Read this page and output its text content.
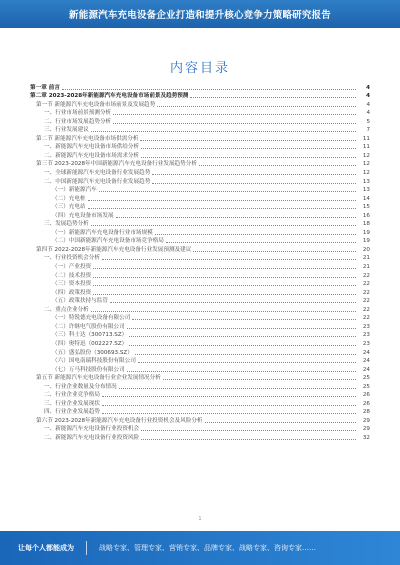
新能源汽车充电设备企业打造和提升核心竞争力策略研究报告
内容目录
第一章 前言	4
第二章 2023-2028年新能源汽车充电设备市场前景及趋势预测	4
第一节 新能源汽车充电设备市场前景及发展趋势	4
一、行业市场前景预测分析	4
二、行业市场发展趋势分析	5
三、行业发展建议	7
第二节 新能源汽车充电设备市场供需分析	11
一、新能源汽车充电设备市场供给分析	11
二、新能源汽车充电设备市场需求分析	12
第三节 2023-2028年中国新能源汽车充电设备行业发展趋势分析	12
一、全球新能源汽车充电设备行业发展趋势	12
二、中国新能源汽车充电设备行业发展趋势	13
（一）新能源汽车	13
（二）充电桩	14
（三）充电站	15
（四）充电设备市场发展	16
三、发展趋势分析	18
（一）新能源汽车充电设备行业市场规模	19
（二）中国新能源汽车充电设备市场竞争格局	19
第四节 2022-2028年新能源汽车充电设备行业发展预测及建议	20
一、行业投资机会分析	21
（一）产业投资	21
（二）技术投资	22
（三）资本投资	22
（四）政策投资	22
（五）政策扶持与监管	22
二、重点企业分析	22
（一）特锐德充电设备有限公司	22
（二）许继电气股份有限公司	23
（三）科士达（300713.SZ）	23
（四）奥特迅（002227.SZ）	23
（五）盛弘股份（300693.SZ）	24
（六）国电南瑞科技股份有限公司	24
（七）万马科技股份有限公司	24
第五节 新能源汽车充电设备行业企业发展情况分析	25
一、行业企业数量及分布情况	25
二、行业企业竞争格局	26
三、行业企业发展现状	26
四、行业企业发展趋势	28
第六节 2023-2028年新能源汽车充电设备行业投资机会及风险分析	29
一、新能源汽车充电设备行业投资机会	29
二、新能源汽车充电设备行业投资风险	32
1
让每个人都能成为	战略专家、管理专家、营销专家、品牌专家、战略专家、咨询专家……
